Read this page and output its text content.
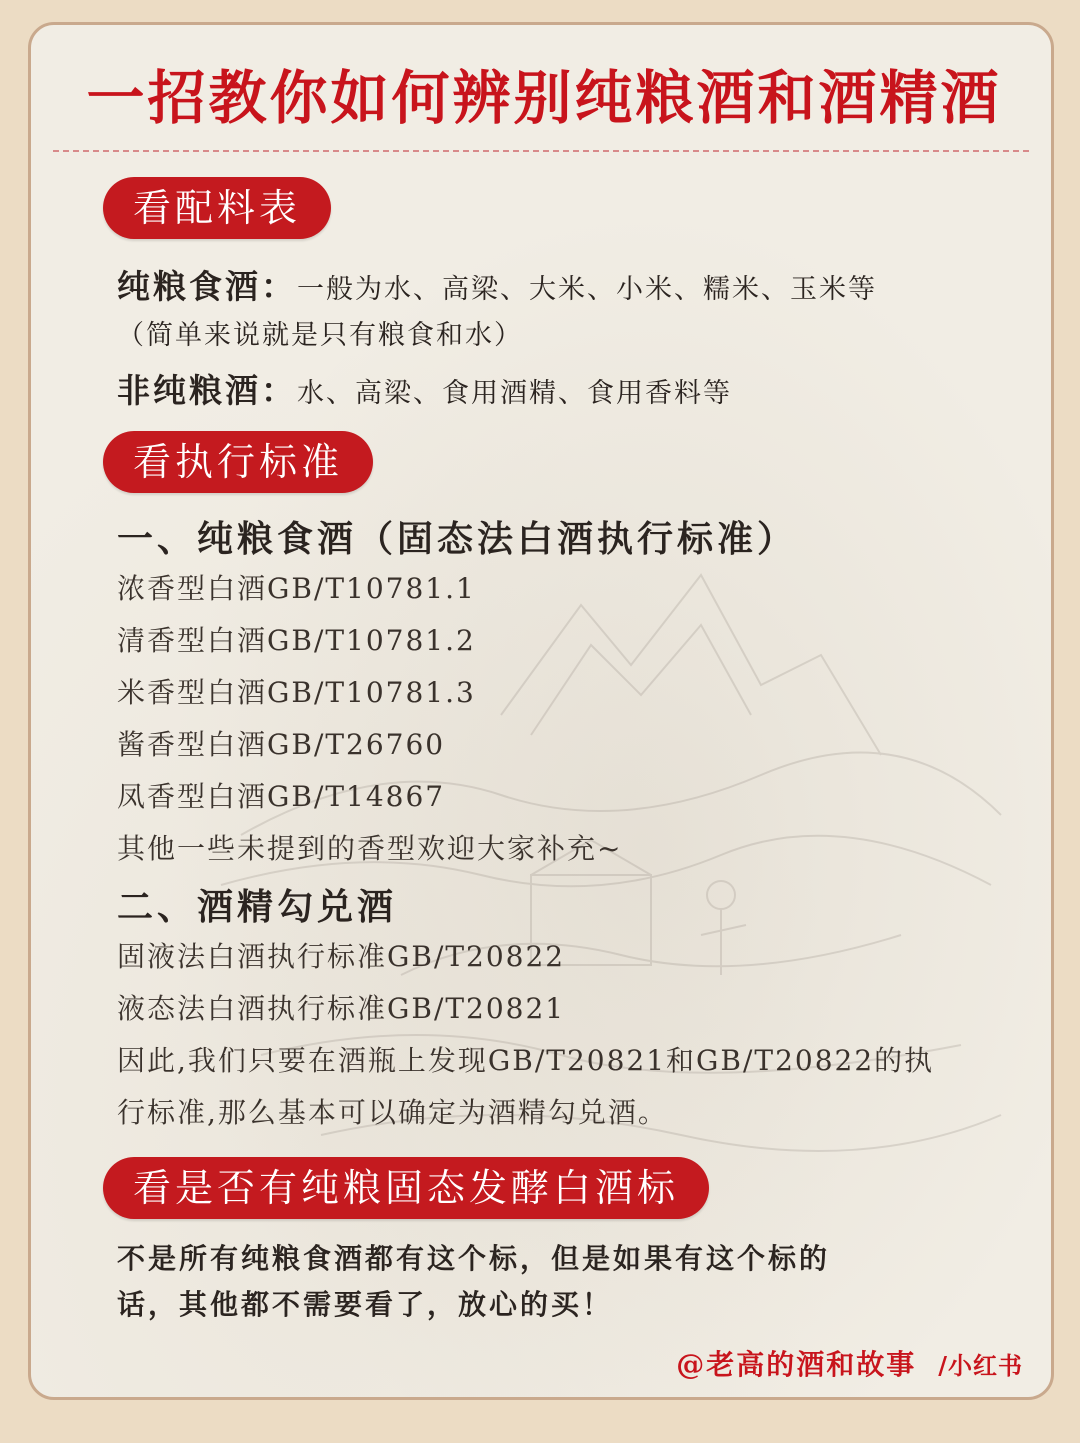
一招教你如何辨别纯粮酒和酒精酒
看配料表
纯粮食酒：一般为水、高梁、大米、小米、糯米、玉米等
（简单来说就是只有粮食和水）
非纯粮酒：水、高梁、食用酒精、食用香料等
看执行标准
一、纯粮食酒（固态法白酒执行标准）
浓香型白酒GB/T10781.1
清香型白酒GB/T10781.2
米香型白酒GB/T10781.3
酱香型白酒GB/T26760
凤香型白酒GB/T14867
其他一些未提到的香型欢迎大家补充~
二、酒精勾兑酒
固液法白酒执行标准GB/T20822
液态法白酒执行标准GB/T20821
因此,我们只要在酒瓶上发现GB/T20821和GB/T20822的执
行标准,那么基本可以确定为酒精勾兑酒。
看是否有纯粮固态发酵白酒标
不是所有纯粮食酒都有这个标，但是如果有这个标的
话，其他都不需要看了，放心的买！
@老高的酒和故事 /小红书
